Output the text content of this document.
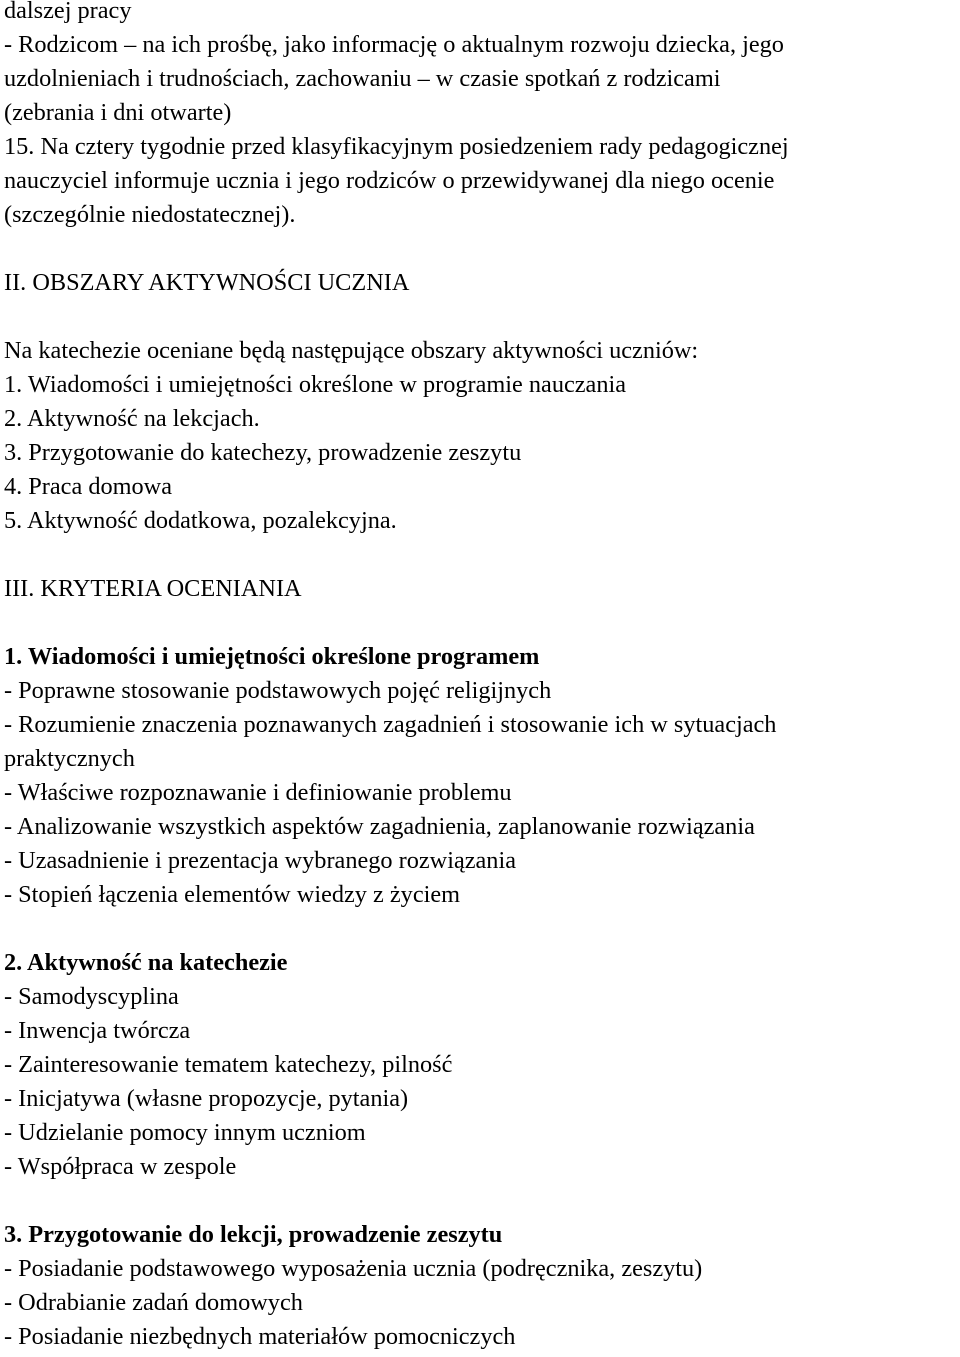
dalszej pracy
- Rodzicom – na ich prośbę, jako informację o aktualnym rozwoju dziecka, jego
uzdolnieniach i trudnościach, zachowaniu – w czasie spotkań z rodzicami
(zebrania i dni otwarte)
15. Na cztery tygodnie przed klasyfikacyjnym posiedzeniem rady pedagogicznej
nauczyciel informuje ucznia i jego rodziców o przewidywanej dla niego ocenie
(szczególnie niedostatecznej).
II. OBSZARY AKTYWNOŚCI UCZNIA
Na katechezie oceniane będą następujące obszary aktywności uczniów:
1. Wiadomości i umiejętności określone w programie nauczania
2. Aktywność na lekcjach.
3. Przygotowanie do katechezy, prowadzenie zeszytu
4. Praca domowa
5. Aktywność dodatkowa, pozalekcyjna.
III. KRYTERIA OCENIANIA
1. Wiadomości i umiejętności określone programem
- Poprawne stosowanie podstawowych pojęć religijnych
- Rozumienie znaczenia poznawanych zagadnień i stosowanie ich w sytuacjach
praktycznych
- Właściwe rozpoznawanie i definiowanie problemu
- Analizowanie wszystkich aspektów zagadnienia, zaplanowanie rozwiązania
- Uzasadnienie i prezentacja wybranego rozwiązania
- Stopień łączenia elementów wiedzy z życiem
2. Aktywność na katechezie
- Samodyscyplina
- Inwencja twórcza
- Zainteresowanie tematem katechezy, pilność
- Inicjatywa (własne propozycje, pytania)
- Udzielanie pomocy innym uczniom
- Współpraca w zespole
3. Przygotowanie do lekcji, prowadzenie zeszytu
- Posiadanie podstawowego wyposażenia ucznia (podręcznika, zeszytu)
- Odrabianie zadań domowych
- Posiadanie niezbędnych materiałów pomocniczych
